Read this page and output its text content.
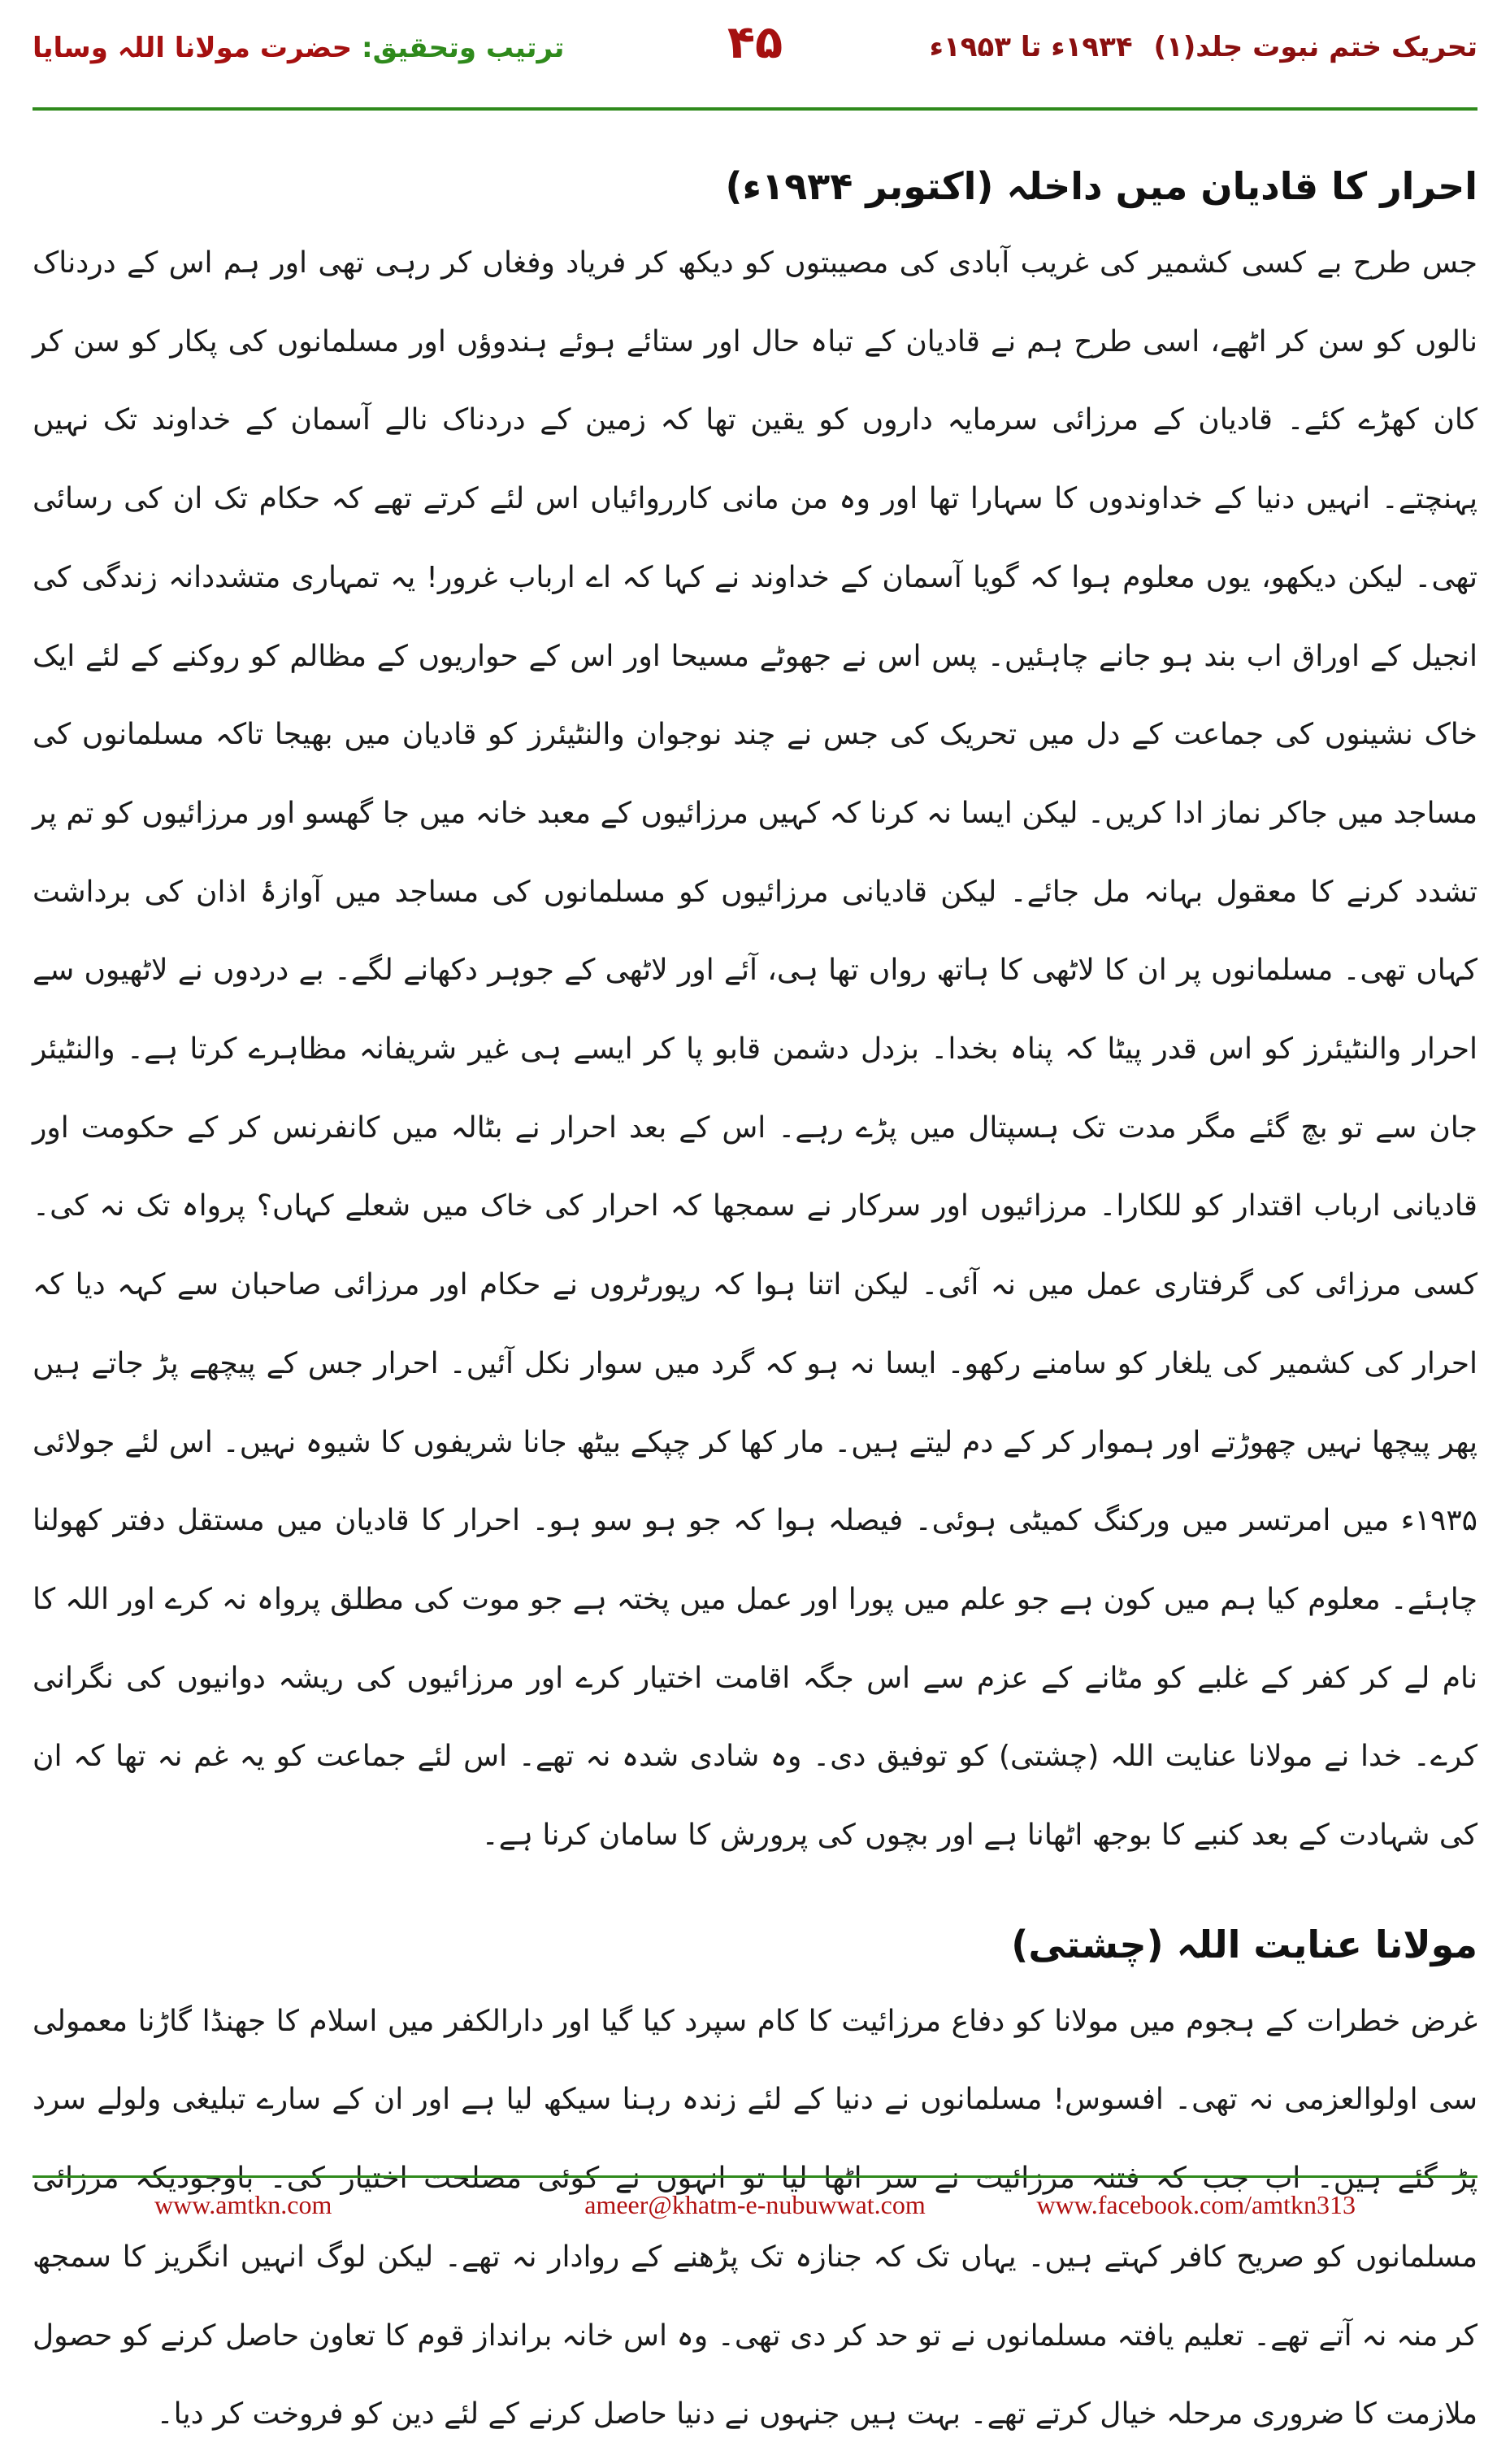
تحریک ختم نبوت جلد(۱) ۱۹۳۴ء تا ۱۹۵۳ء
۴۵
ترتیب وتحقیق: حضرت مولانا اللہ وسایا
احرار کا قادیان میں داخلہ (اکتوبر ۱۹۳۴ء)

جس طرح بے کسی کشمیر کی غریب آبادی کی مصیبتوں کو دیکھ کر فریاد وفغاں کر رہی تھی اور ہم اس کے دردناک نالوں کو سن کر اٹھے، اسی طرح ہم نے قادیان کے تباہ حال اور ستائے ہوئے ہندوؤں اور مسلمانوں کی پکار کو سن کر کان کھڑے کئے۔ قادیان کے مرزائی سرمایہ داروں کو یقین تھا کہ زمین کے دردناک نالے آسمان کے خداوند تک نہیں پہنچتے۔ انہیں دنیا کے خداوندوں کا سہارا تھا اور وہ من مانی کارروائیاں اس لئے کرتے تھے کہ حکام تک ان کی رسائی تھی۔ لیکن دیکھو، یوں معلوم ہوا کہ گویا آسمان کے خداوند نے کہا کہ اے ارباب غرور! یہ تمہاری متشددانہ زندگی کی انجیل کے اوراق اب بند ہو جانے چاہئیں۔ پس اس نے جھوٹے مسیحا اور اس کے حواریوں کے مظالم کو روکنے کے لئے ایک خاک نشینوں کی جماعت کے دل میں تحریک کی جس نے چند نوجوان والنٹیئرز کو قادیان میں بھیجا تاکہ مسلمانوں کی مساجد میں جاکر نماز ادا کریں۔ لیکن ایسا نہ کرنا کہ کہیں مرزائیوں کے معبد خانہ میں جا گھسو اور مرزائیوں کو تم پر تشدد کرنے کا معقول بہانہ مل جائے۔ لیکن قادیانی مرزائیوں کو مسلمانوں کی مساجد میں آوازۂ اذان کی برداشت کہاں تھی۔ مسلمانوں پر ان کا لاٹھی کا ہاتھ رواں تھا ہی، آئے اور لاٹھی کے جوہر دکھانے لگے۔ بے دردوں نے لاٹھیوں سے احرار والنٹیئرز کو اس قدر پیٹا کہ پناہ بخدا۔ بزدل دشمن قابو پا کر ایسے ہی غیر شریفانہ مظاہرے کرتا ہے۔ والنٹیئر جان سے تو بچ گئے مگر مدت تک ہسپتال میں پڑے رہے۔ اس کے بعد احرار نے بٹالہ میں کانفرنس کر کے حکومت اور قادیانی ارباب اقتدار کو للکارا۔ مرزائیوں اور سرکار نے سمجھا کہ احرار کی خاک میں شعلے کہاں؟ پرواہ تک نہ کی۔ کسی مرزائی کی گرفتاری عمل میں نہ آئی۔ لیکن اتنا ہوا کہ رپورٹروں نے حکام اور مرزائی صاحبان سے کہہ دیا کہ احرار کی کشمیر کی یلغار کو سامنے رکھو۔ ایسا نہ ہو کہ گرد میں سوار نکل آئیں۔ احرار جس کے پیچھے پڑ جاتے ہیں پھر پیچھا نہیں چھوڑتے اور ہموار کر کے دم لیتے ہیں۔ مار کھا کر چپکے بیٹھ جانا شریفوں کا شیوہ نہیں۔ اس لئے جولائی ۱۹۳۵ء میں امرتسر میں ورکنگ کمیٹی ہوئی۔ فیصلہ ہوا کہ جو ہو سو ہو۔ احرار کا قادیان میں مستقل دفتر کھولنا چاہئے۔ معلوم کیا ہم میں کون ہے جو علم میں پورا اور عمل میں پختہ ہے جو موت کی مطلق پرواہ نہ کرے اور اللہ کا نام لے کر کفر کے غلبے کو مٹانے کے عزم سے اس جگہ اقامت اختیار کرے اور مرزائیوں کی ریشہ دوانیوں کی نگرانی کرے۔ خدا نے مولانا عنایت اللہ (چشتی) کو توفیق دی۔ وہ شادی شدہ نہ تھے۔ اس لئے جماعت کو یہ غم نہ تھا کہ ان کی شہادت کے بعد کنبے کا بوجھ اٹھانا ہے اور بچوں کی پرورش کا سامان کرنا ہے۔

مولانا عنایت اللہ (چشتی)

غرض خطرات کے ہجوم میں مولانا کو دفاع مرزائیت کا کام سپرد کیا گیا اور دارالکفر میں اسلام کا جھنڈا گاڑنا معمولی سی اولوالعزمی نہ تھی۔ افسوس! مسلمانوں نے دنیا کے لئے زندہ رہنا سیکھ لیا ہے اور ان کے سارے تبلیغی ولولے سرد پڑ گئے ہیں۔ اب جب کہ فتنہ مرزائیت نے سر اٹھا لیا تو انہوں نے کوئی مصلحت اختیار کی۔ باوجودیکہ مرزائی مسلمانوں کو صریح کافر کہتے ہیں۔ یہاں تک کہ جنازہ تک پڑھنے کے روادار نہ تھے۔ لیکن لوگ انہیں انگریز کا سمجھ کر منہ نہ آتے تھے۔ تعلیم یافتہ مسلمانوں نے تو حد کر دی تھی۔ وہ اس خانہ برانداز قوم کا تعاون حاصل کرنے کو حصول ملازمت کا ضروری مرحلہ خیال کرتے تھے۔ بہت ہیں جنہوں نے دنیا حاصل کرنے کے لئے دین کو فروخت کر دیا۔

www.amtkn.com	ameer@khatm-e-nubuwwat.com	www.facebook.com/amtkn313
